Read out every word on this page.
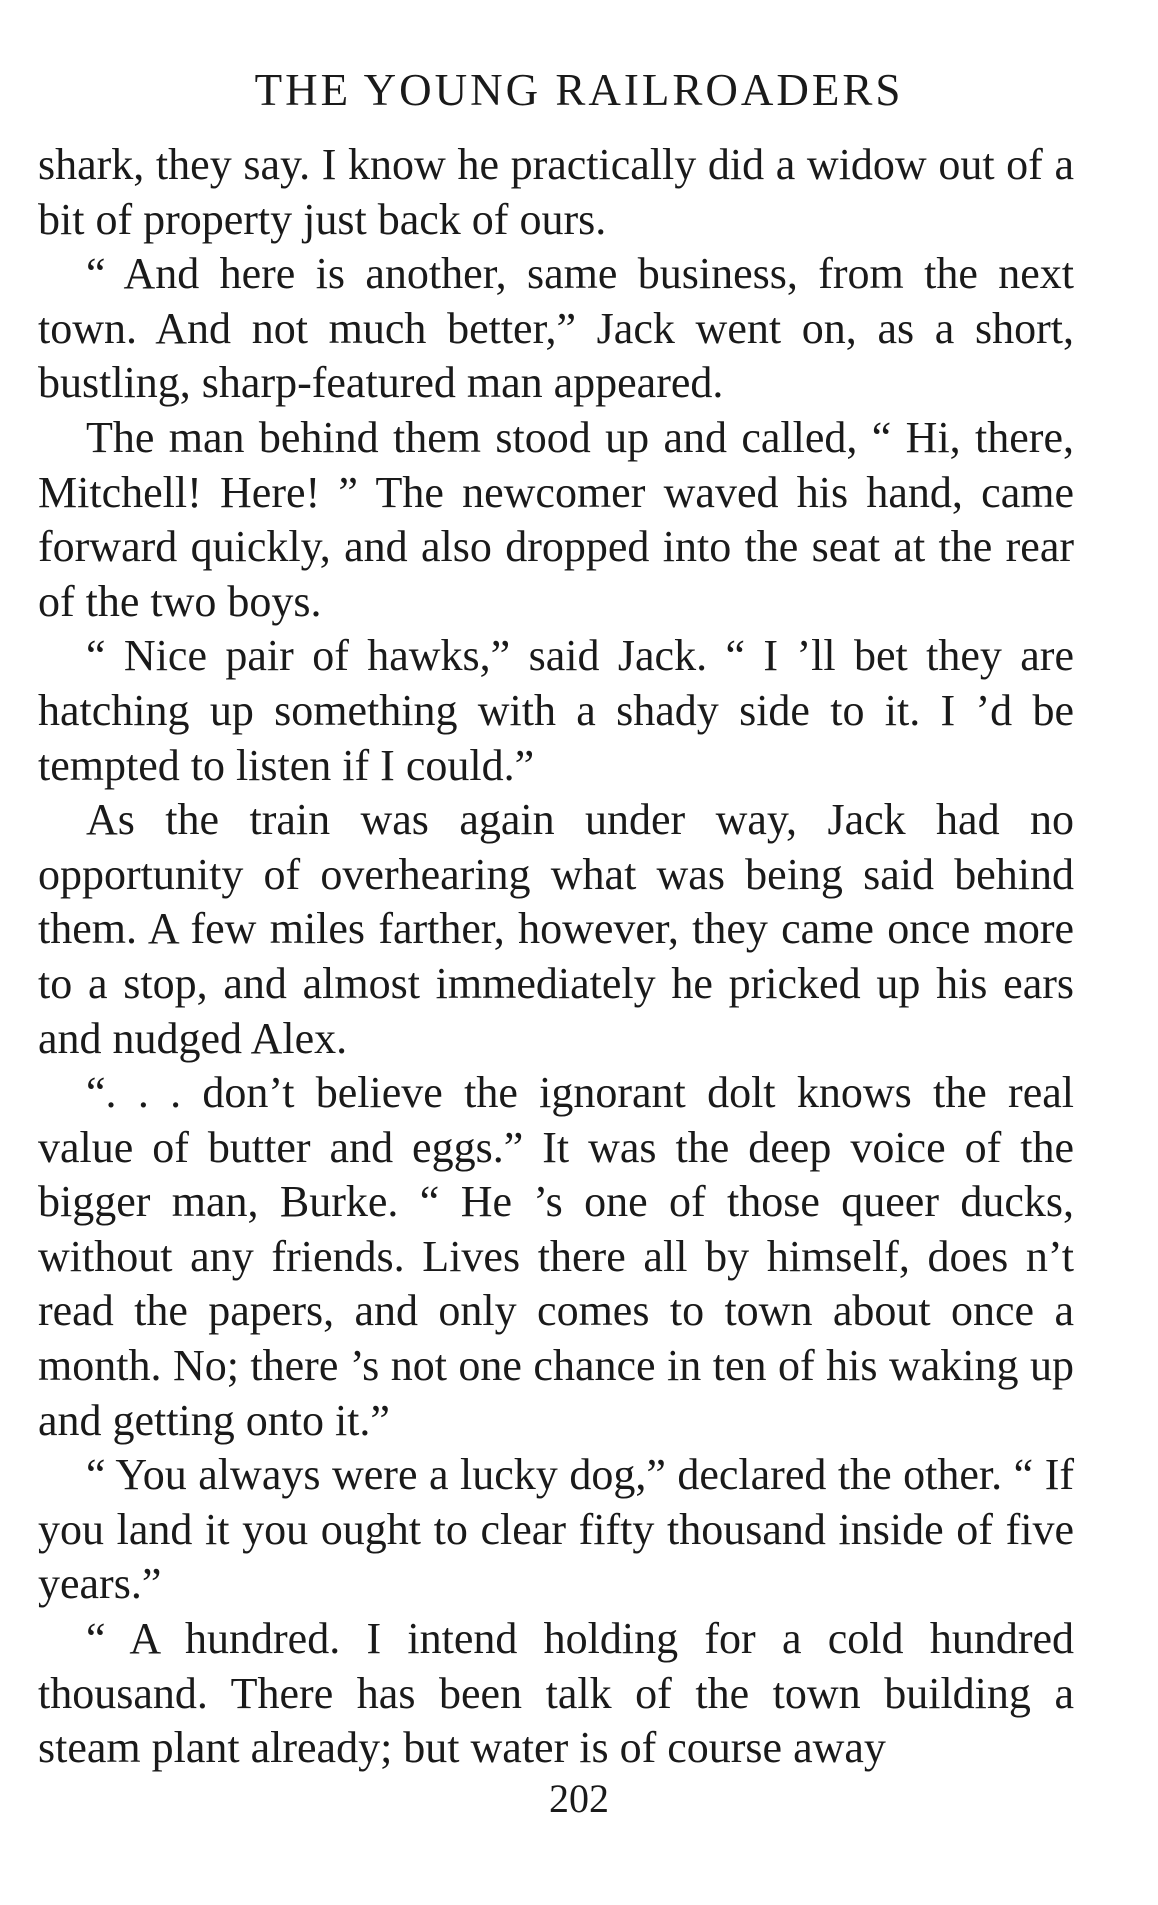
THE YOUNG RAILROADERS

shark, they say. I know he practically did a widow out of a bit of property just back of ours.

“ And here is another, same business, from the next town. And not much better,” Jack went on, as a short, bustling, sharp-featured man appeared.

The man behind them stood up and called, “ Hi, there, Mitchell! Here! ” The newcomer waved his hand, came forward quickly, and also dropped into the seat at the rear of the two boys.

“ Nice pair of hawks,” said Jack. “ I ’ll bet they are hatching up something with a shady side to it. I ’d be tempted to listen if I could.”

As the train was again under way, Jack had no opportunity of overhearing what was being said behind them. A few miles farther, however, they came once more to a stop, and almost immediately he pricked up his ears and nudged Alex.

“. . . don’t believe the ignorant dolt knows the real value of butter and eggs.” It was the deep voice of the bigger man, Burke. “ He ’s one of those queer ducks, without any friends. Lives there all by himself, does n’t read the papers, and only comes to town about once a month. No; there ’s not one chance in ten of his waking up and getting onto it.”

“ You always were a lucky dog,” declared the other. “ If you land it you ought to clear fifty thousand inside of five years.”

“ A hundred. I intend holding for a cold hundred thousand. There has been talk of the town building a steam plant already; but water is of course away

202
